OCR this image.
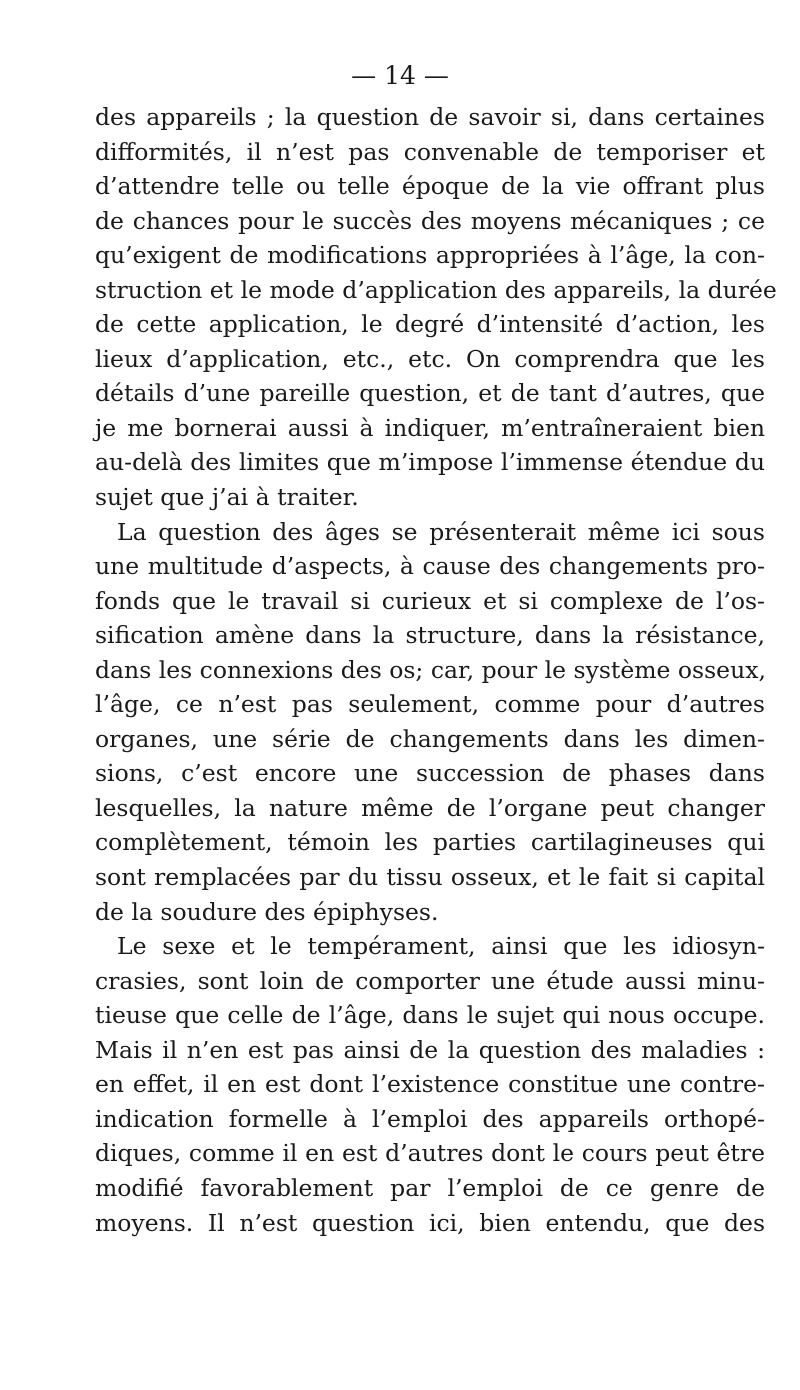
— 14 —
des appareils ; la question de savoir si, dans certaines
difformités, il n’est pas convenable de temporiser et
d’attendre telle ou telle époque de la vie offrant plus
de chances pour le succès des moyens mécaniques ; ce
qu’exigent de modifications appropriées à l’âge, la con-
struction et le mode d’application des appareils, la durée
de cette application, le degré d’intensité d’action, les
lieux d’application, etc., etc. On comprendra que les
détails d’une pareille question, et de tant d’autres, que
je me bornerai aussi à indiquer, m’entraîneraient bien
au-delà des limites que m’impose l’immense étendue du
sujet que j’ai à traiter.
La question des âges se présenterait même ici sous
une multitude d’aspects, à cause des changements pro-
fonds que le travail si curieux et si complexe de l’os-
sification amène dans la structure, dans la résistance,
dans les connexions des os; car, pour le système osseux,
l’âge, ce n’est pas seulement, comme pour d’autres
organes, une série de changements dans les dimen-
sions, c’est encore une succession de phases dans
lesquelles, la nature même de l’organe peut changer
complètement, témoin les parties cartilagineuses qui
sont remplacées par du tissu osseux, et le fait si capital
de la soudure des épiphyses.
Le sexe et le tempérament, ainsi que les idiosyn-
crasies, sont loin de comporter une étude aussi minu-
tieuse que celle de l’âge, dans le sujet qui nous occupe.
Mais il n’en est pas ainsi de la question des maladies :
en effet, il en est dont l’existence constitue une contre-
indication formelle à l’emploi des appareils orthopé-
diques, comme il en est d’autres dont le cours peut être
modifié favorablement par l’emploi de ce genre de
moyens. Il n’est question ici, bien entendu, que des
